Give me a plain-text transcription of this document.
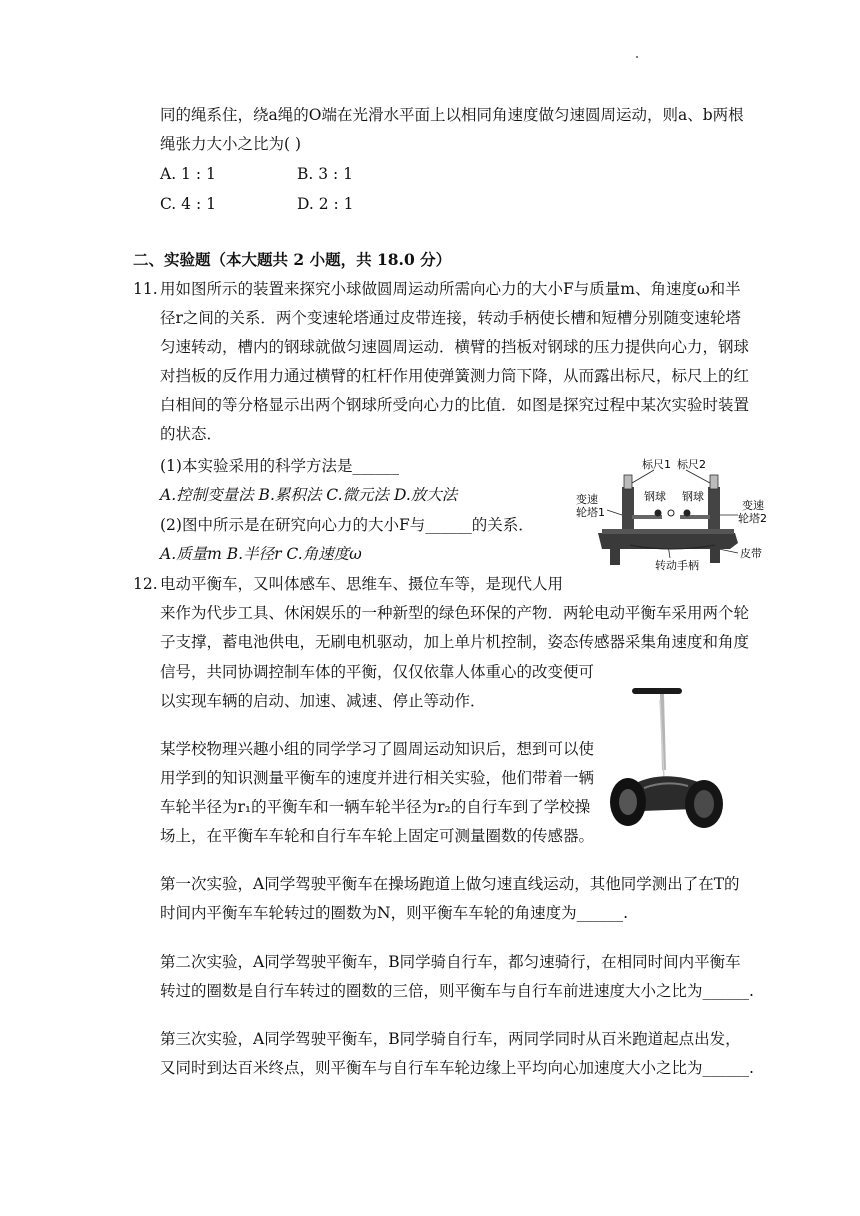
同的绳系住，绕a绳的O端在光滑水平面上以相同角速度做匀速圆周运动，则a、b两根
绳张力大小之比为( )
A. 1 : 1	B. 3 : 1
C. 4 : 1	D. 2 : 1
二、实验题（本大题共 2 小题，共 18.0 分）
11. 用如图所示的装置来探究小球做圆周运动所需向心力的大小F与质量m、角速度ω和半
径r之间的关系．两个变速轮塔通过皮带连接，转动手柄使长槽和短槽分别随变速轮塔
匀速转动，槽内的钢球就做匀速圆周运动．横臂的挡板对钢球的压力提供向心力，钢球
对挡板的反作用力通过横臂的杠杆作用使弹簧测力筒下降，从而露出标尺，标尺上的红
白相间的等分格显示出两个钢球所受向心力的比值．如图是探究过程中某次实验时装置
的状态．
(1)本实验采用的科学方法是______
A.控制变量法 B.累积法 C.微元法 D.放大法
(2)图中所示是在研究向心力的大小F与______的关系．
A.质量m B.半径r C.角速度ω
标尺1 标尺2
钢球 钢球
变速
轮塔1
变速
轮塔2
皮带
转动手柄
12. 电动平衡车，又叫体感车、思维车、摄位车等，是现代人用
来作为代步工具、休闲娱乐的一种新型的绿色环保的产物．两轮电动平衡车采用两个轮
子支撑，蓄电池供电，无刷电机驱动，加上单片机控制，姿态传感器采集角速度和角度
信号，共同协调控制车体的平衡，仅仅依靠人体重心的改变便可
以实现车辆的启动、加速、减速、停止等动作．
某学校物理兴趣小组的同学学习了圆周运动知识后，想到可以使
用学到的知识测量平衡车的速度并进行相关实验，他们带着一辆
车轮半径为r₁的平衡车和一辆车轮半径为r₂的自行车到了学校操
场上，在平衡车车轮和自行车车轮上固定可测量圈数的传感器。
第一次实验，A同学驾驶平衡车在操场跑道上做匀速直线运动，其他同学测出了在T的
时间内平衡车车轮转过的圈数为N，则平衡车车轮的角速度为______.
第二次实验，A同学驾驶平衡车，B同学骑自行车，都匀速骑行，在相同时间内平衡车
转过的圈数是自行车转过的圈数的三倍，则平衡车与自行车前进速度大小之比为______.
第三次实验，A同学驾驶平衡车，B同学骑自行车，两同学同时从百米跑道起点出发，
又同时到达百米终点，则平衡车与自行车车轮边缘上平均向心加速度大小之比为______.
